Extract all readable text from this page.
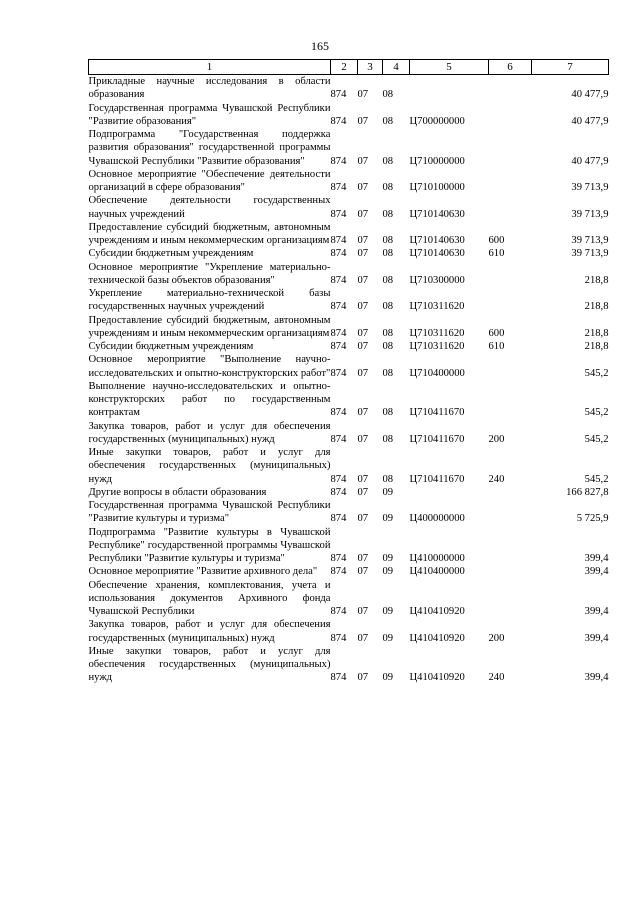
165
1	2	3	4	5	6	7
Прикладные научные исследования в области образования	874	07	08			40 477,9
Государственная программа Чувашской Республики "Развитие образования"	874	07	08	Ц700000000		40 477,9
Подпрограмма "Государственная поддержка развития образования" государственной программы Чувашской Республики "Развитие образования"	874	07	08	Ц710000000		40 477,9
Основное мероприятие "Обеспечение деятельности организаций в сфере образования"	874	07	08	Ц710100000		39 713,9
Обеспечение деятельности государственных научных учреждений	874	07	08	Ц710140630		39 713,9
Предоставление субсидий бюджетным, автономным учреждениям и иным некоммерческим организациям	874	07	08	Ц710140630	600	39 713,9
Субсидии бюджетным учреждениям	874	07	08	Ц710140630	610	39 713,9
Основное мероприятие "Укрепление материально-технической базы объектов образования"	874	07	08	Ц710300000		218,8
Укрепление материально-технической базы государственных научных учреждений	874	07	08	Ц710311620		218,8
Предоставление субсидий бюджетным, автономным учреждениям и иным некоммерческим организациям	874	07	08	Ц710311620	600	218,8
Субсидии бюджетным учреждениям	874	07	08	Ц710311620	610	218,8
Основное мероприятие "Выполнение научно-исследовательских и опытно-конструкторских работ"	874	07	08	Ц710400000		545,2
Выполнение научно-исследовательских и опытно-конструкторских работ по государственным контрактам	874	07	08	Ц710411670		545,2
Закупка товаров, работ и услуг для обеспечения государственных (муниципальных) нужд	874	07	08	Ц710411670	200	545,2
Иные закупки товаров, работ и услуг для обеспечения государственных (муниципальных) нужд	874	07	08	Ц710411670	240	545,2
Другие вопросы в области образования	874	07	09			166 827,8
Государственная программа Чувашской Республики "Развитие культуры и туризма"	874	07	09	Ц400000000		5 725,9
Подпрограмма "Развитие культуры в Чувашской Республике" государственной программы Чувашской Республики "Развитие культуры и туризма"	874	07	09	Ц410000000		399,4
Основное мероприятие "Развитие архивного дела"	874	07	09	Ц410400000		399,4
Обеспечение хранения, комплектования, учета и использования документов Архивного фонда Чувашской Республики	874	07	09	Ц410410920		399,4
Закупка товаров, работ и услуг для обеспечения государственных (муниципальных) нужд	874	07	09	Ц410410920	200	399,4
Иные закупки товаров, работ и услуг для обеспечения государственных (муниципальных) нужд	874	07	09	Ц410410920	240	399,4
